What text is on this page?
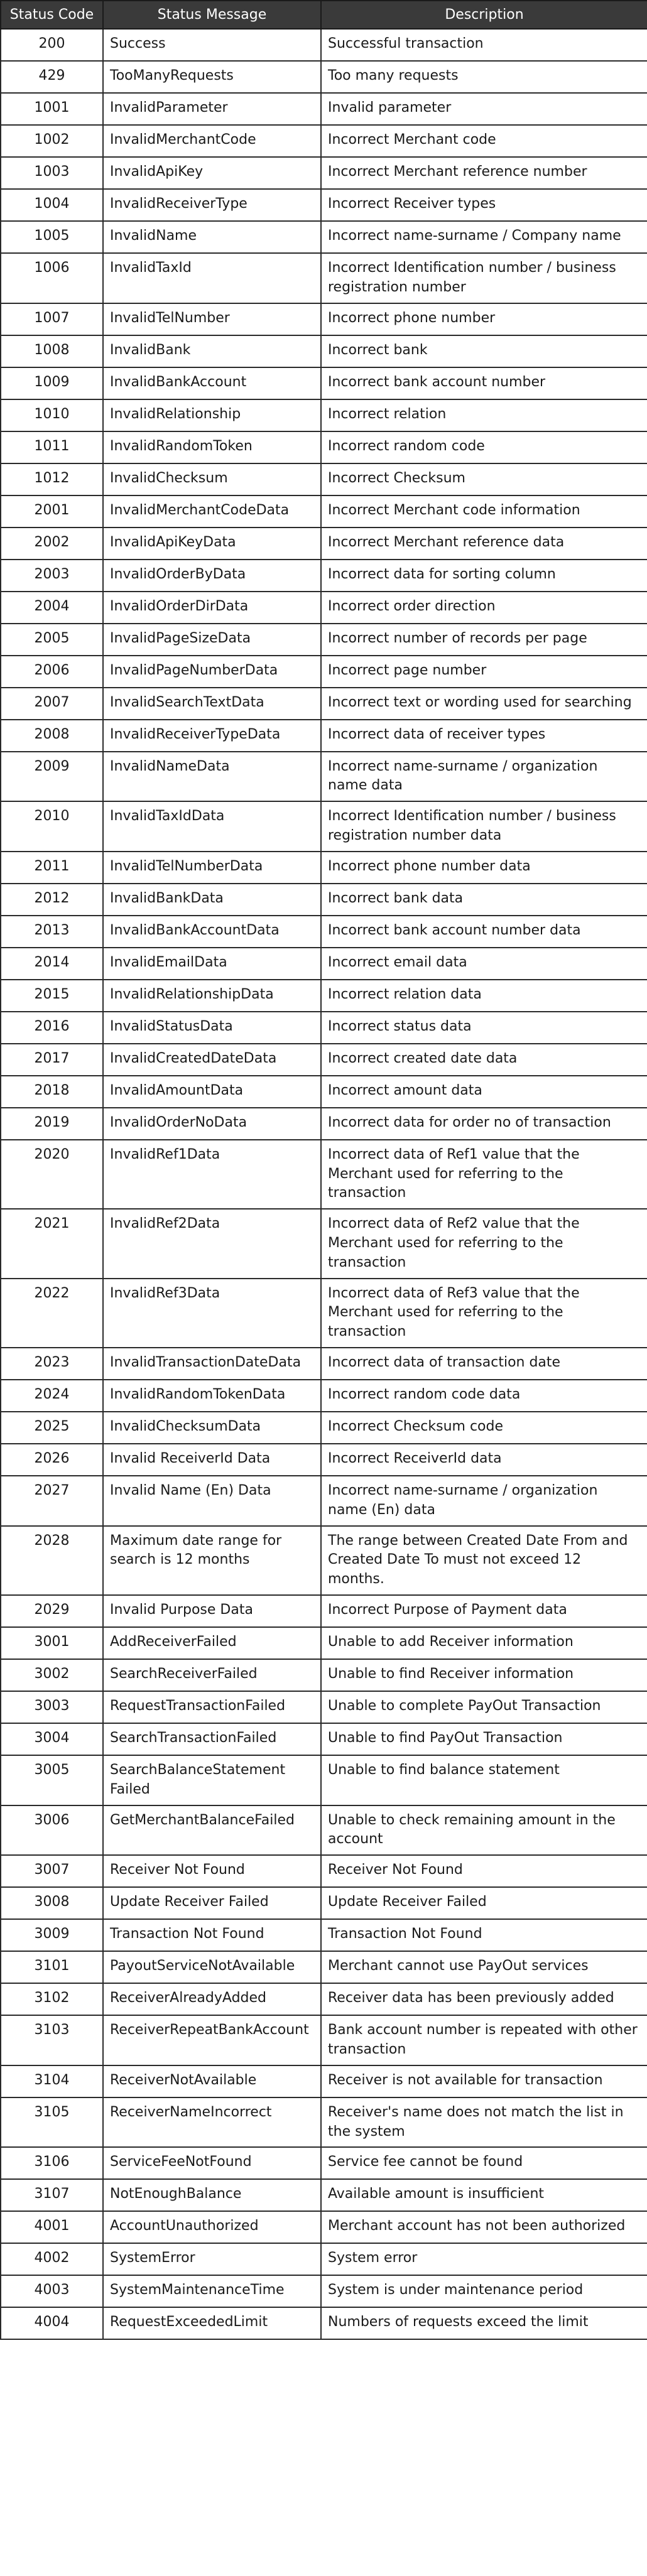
Status Code	Status Message	Description
200	Success	Successful transaction
429	TooManyRequests	Too many requests
1001	InvalidParameter	Invalid parameter
1002	InvalidMerchantCode	Incorrect Merchant code
1003	InvalidApiKey	Incorrect Merchant reference number
1004	InvalidReceiverType	Incorrect Receiver types
1005	InvalidName	Incorrect name-surname / Company name
1006	InvalidTaxId	Incorrect Identification number / business registration number
1007	InvalidTelNumber	Incorrect phone number
1008	InvalidBank	Incorrect bank
1009	InvalidBankAccount	Incorrect bank account number
1010	InvalidRelationship	Incorrect relation
1011	InvalidRandomToken	Incorrect random code
1012	InvalidChecksum	Incorrect Checksum
2001	InvalidMerchantCodeData	Incorrect Merchant code information
2002	InvalidApiKeyData	Incorrect Merchant reference data
2003	InvalidOrderByData	Incorrect data for sorting column
2004	InvalidOrderDirData	Incorrect order direction
2005	InvalidPageSizeData	Incorrect number of records per page
2006	InvalidPageNumberData	Incorrect page number
2007	InvalidSearchTextData	Incorrect text or wording used for searching
2008	InvalidReceiverTypeData	Incorrect data of receiver types
2009	InvalidNameData	Incorrect name-surname / organization name data
2010	InvalidTaxIdData	Incorrect Identification number / business registration number data
2011	InvalidTelNumberData	Incorrect phone number data
2012	InvalidBankData	Incorrect bank data
2013	InvalidBankAccountData	Incorrect bank account number data
2014	InvalidEmailData	Incorrect email data
2015	InvalidRelationshipData	Incorrect relation data
2016	InvalidStatusData	Incorrect status data
2017	InvalidCreatedDateData	Incorrect created date data
2018	InvalidAmountData	Incorrect amount data
2019	InvalidOrderNoData	Incorrect data for order no of transaction
2020	InvalidRef1Data	Incorrect data of Ref1 value that the Merchant used for referring to the transaction
2021	InvalidRef2Data	Incorrect data of Ref2 value that the Merchant used for referring to the transaction
2022	InvalidRef3Data	Incorrect data of Ref3 value that the Merchant used for referring to the transaction
2023	InvalidTransactionDateData	Incorrect data of transaction date
2024	InvalidRandomTokenData	Incorrect random code data
2025	InvalidChecksumData	Incorrect Checksum code
2026	Invalid ReceiverId Data	Incorrect ReceiverId data
2027	Invalid Name (En) Data	Incorrect name-surname / organization name (En) data
2028	Maximum date range for search is 12 months	The range between Created Date From and Created Date To must not exceed 12 months.
2029	Invalid Purpose Data	Incorrect Purpose of Payment data
3001	AddReceiverFailed	Unable to add Receiver information
3002	SearchReceiverFailed	Unable to find Receiver information
3003	RequestTransactionFailed	Unable to complete PayOut Transaction
3004	SearchTransactionFailed	Unable to find PayOut Transaction
3005	SearchBalanceStatement Failed	Unable to find balance statement
3006	GetMerchantBalanceFailed	Unable to check remaining amount in the account
3007	Receiver Not Found	Receiver Not Found
3008	Update Receiver Failed	Update Receiver Failed
3009	Transaction Not Found	Transaction Not Found
3101	PayoutServiceNotAvailable	Merchant cannot use PayOut services
3102	ReceiverAlreadyAdded	Receiver data has been previously added
3103	ReceiverRepeatBankAccount	Bank account number is repeated with other transaction
3104	ReceiverNotAvailable	Receiver is not available for transaction
3105	ReceiverNameIncorrect	Receiver's name does not match the list in the system
3106	ServiceFeeNotFound	Service fee cannot be found
3107	NotEnoughBalance	Available amount is insufficient
4001	AccountUnauthorized	Merchant account has not been authorized
4002	SystemError	System error
4003	SystemMaintenanceTime	System is under maintenance period
4004	RequestExceededLimit	Numbers of requests exceed the limit
